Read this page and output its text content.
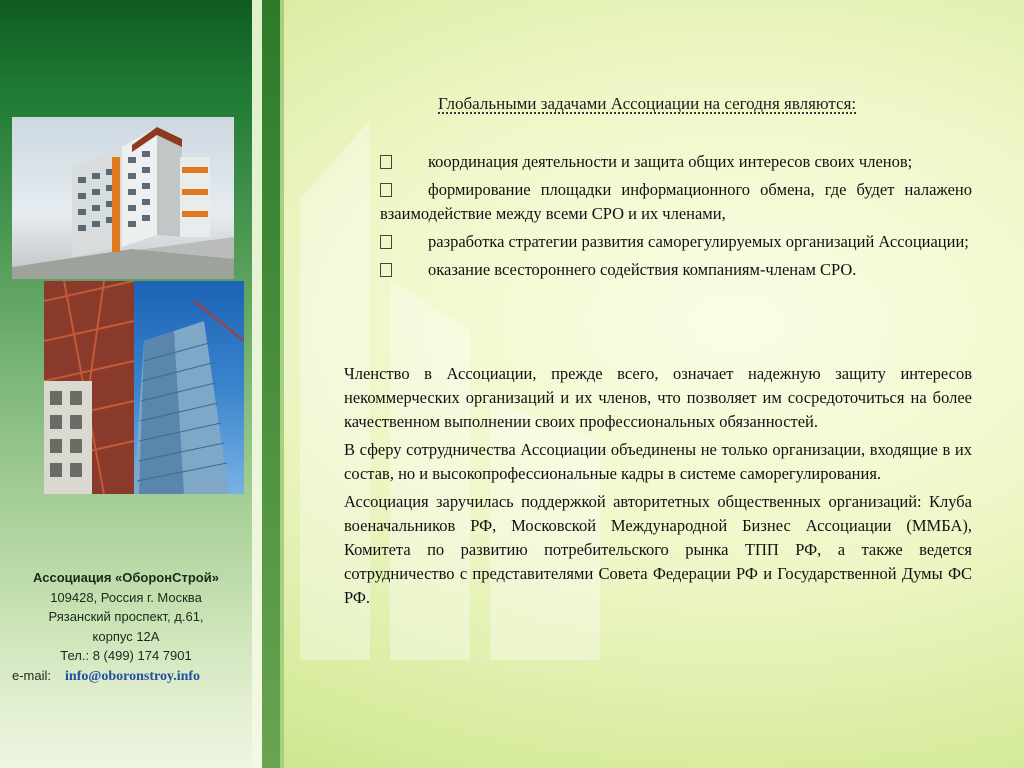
Ассоциация «ОборонСтрой»
109428, Россия г. Москва
Рязанский проспект, д.61,
корпус 12А
Тел.: 8 (499) 174 7901
e-mail: info@oboronstroy.info
Глобальными задачами Ассоциации на сегодня являются:
координация деятельности и защита общих интересов своих членов;
формирование площадки информационного обмена, где будет налажено взаимодействие между всеми СРО и их членами,
разработка стратегии развития саморегулируемых организаций Ассоциации;
оказание всестороннего содействия компаниям-членам СРО.

Членство в Ассоциации, прежде всего, означает надежную защиту интересов некоммерческих организаций и их членов, что позволяет им сосредоточиться на более качественном выполнении своих профессиональных обязанностей.

В сферу сотрудничества Ассоциации объединены не только организации, входящие в их состав, но и высокопрофессиональные кадры в системе саморегулирования.

Ассоциация заручилась поддержкой авторитетных общественных организаций: Клуба военачальников РФ, Московской Международной Бизнес Ассоциации (ММБА), Комитета по развитию потребительского рынка ТПП РФ, а также ведется сотрудничество с представителями Совета Федерации РФ и Государственной Думы ФС РФ.
